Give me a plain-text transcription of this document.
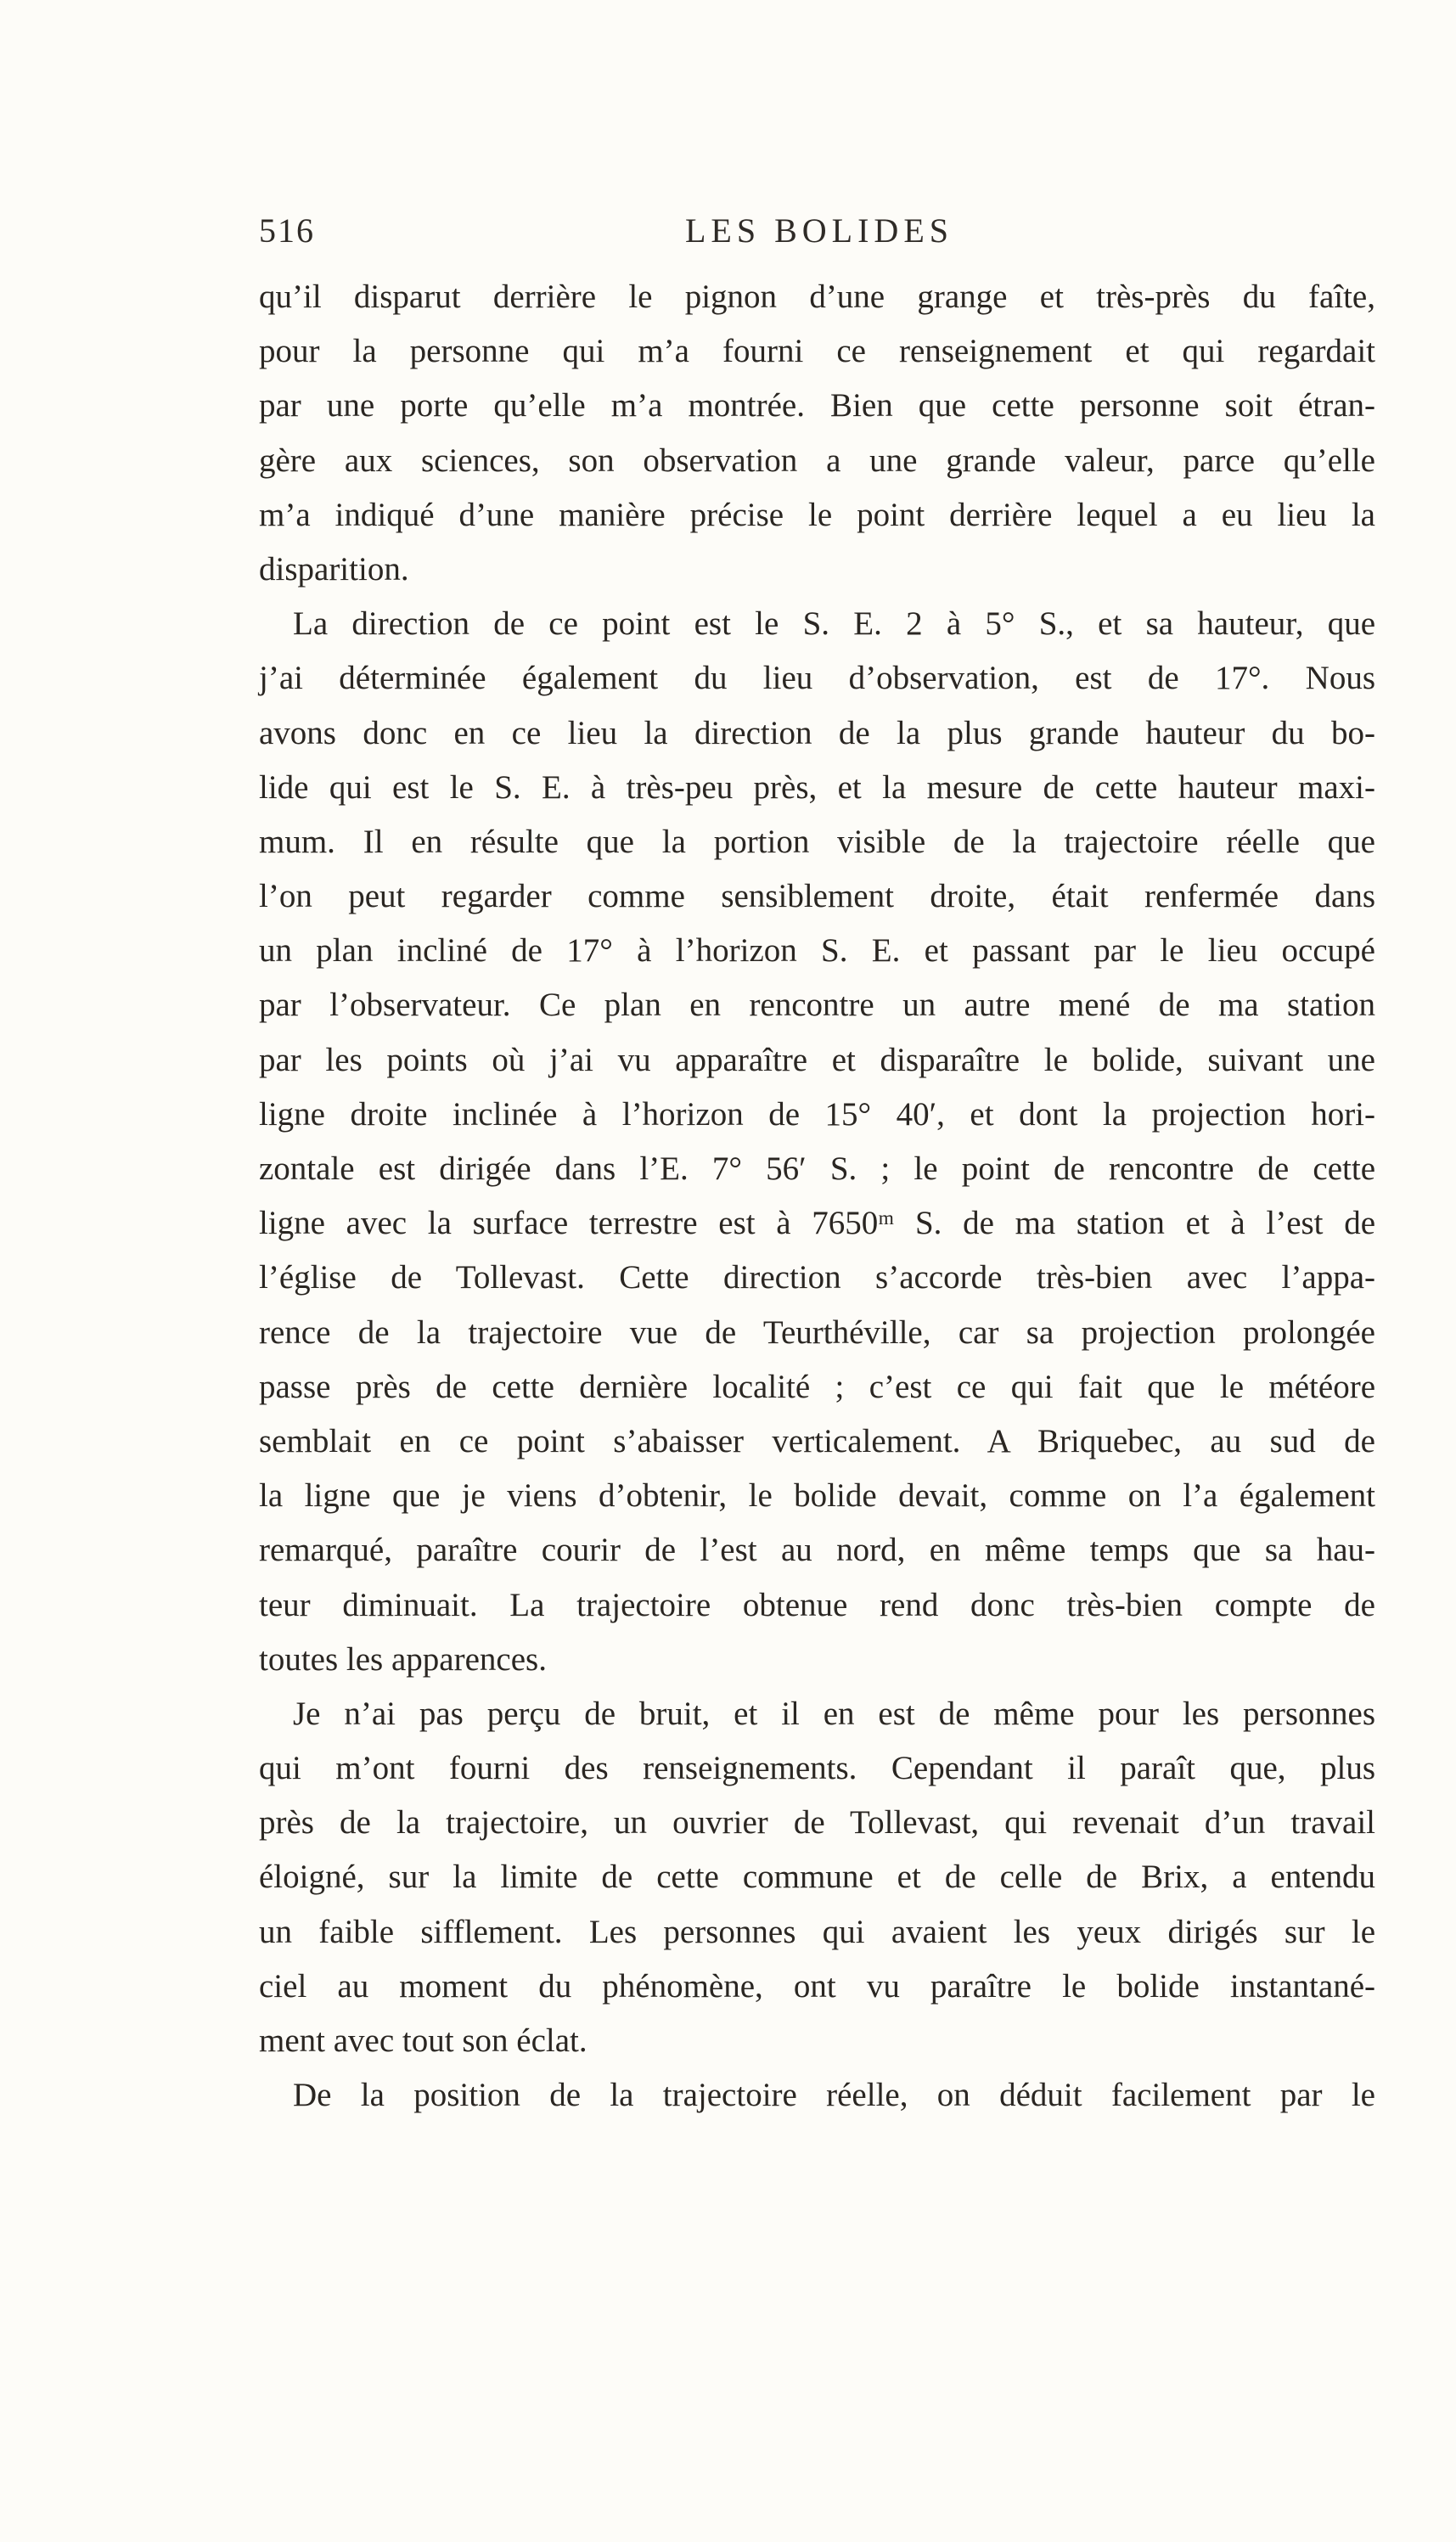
516	LES BOLIDES
qu’il disparut derrière le pignon d’une grange et très-près du faîte,
pour la personne qui m’a fourni ce renseignement et qui regardait
par une porte qu’elle m’a montrée. Bien que cette personne soit étran-
gère aux sciences, son observation a une grande valeur, parce qu’elle
m’a indiqué d’une manière précise le point derrière lequel a eu lieu la
disparition.
La direction de ce point est le S. E. 2 à 5° S., et sa hauteur, que
j’ai déterminée également du lieu d’observation, est de 17°. Nous
avons donc en ce lieu la direction de la plus grande hauteur du bo-
lide qui est le S. E. à très-peu près, et la mesure de cette hauteur maxi-
mum. Il en résulte que la portion visible de la trajectoire réelle que
l’on peut regarder comme sensiblement droite, était renfermée dans
un plan incliné de 17° à l’horizon S. E. et passant par le lieu occupé
par l’observateur. Ce plan en rencontre un autre mené de ma station
par les points où j’ai vu apparaître et disparaître le bolide, suivant une
ligne droite inclinée à l’horizon de 15° 40′, et dont la projection hori-
zontale est dirigée dans l’E. 7° 56′ S. ; le point de rencontre de cette
ligne avec la surface terrestre est à 7650ᵐ S. de ma station et à l’est de
l’église de Tollevast. Cette direction s’accorde très-bien avec l’appa-
rence de la trajectoire vue de Teurthéville, car sa projection prolongée
passe près de cette dernière localité ; c’est ce qui fait que le météore
semblait en ce point s’abaisser verticalement. A Briquebec, au sud de
la ligne que je viens d’obtenir, le bolide devait, comme on l’a également
remarqué, paraître courir de l’est au nord, en même temps que sa hau-
teur diminuait. La trajectoire obtenue rend donc très-bien compte de
toutes les apparences.
Je n’ai pas perçu de bruit, et il en est de même pour les personnes
qui m’ont fourni des renseignements. Cependant il paraît que, plus
près de la trajectoire, un ouvrier de Tollevast, qui revenait d’un travail
éloigné, sur la limite de cette commune et de celle de Brix, a entendu
un faible sifflement. Les personnes qui avaient les yeux dirigés sur le
ciel au moment du phénomène, ont vu paraître le bolide instantané-
ment avec tout son éclat.
De la position de la trajectoire réelle, on déduit facilement par le
